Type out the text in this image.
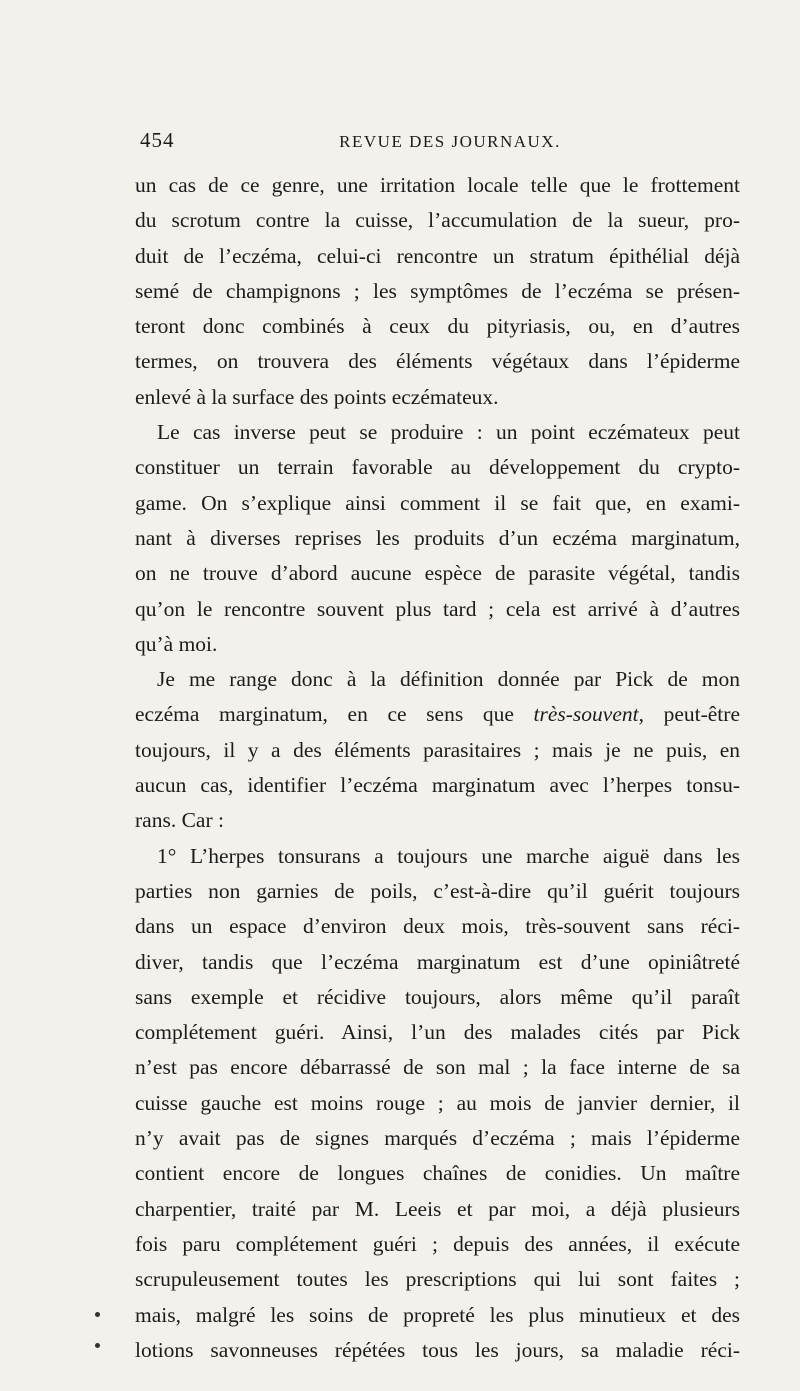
454	REVUE DES JOURNAUX.
un cas de ce genre, une irritation locale telle que le frottement
du scrotum contre la cuisse, l’accumulation de la sueur, pro-
duit de l’eczéma, celui-ci rencontre un stratum épithélial déjà
semé de champignons ; les symptômes de l’eczéma se présen-
teront donc combinés à ceux du pityriasis, ou, en d’autres
termes, on trouvera des éléments végétaux dans l’épiderme
enlevé à la surface des points eczémateux.
Le cas inverse peut se produire : un point eczémateux peut
constituer un terrain favorable au développement du crypto-
game. On s’explique ainsi comment il se fait que, en exami-
nant à diverses reprises les produits d’un eczéma marginatum,
on ne trouve d’abord aucune espèce de parasite végétal, tandis
qu’on le rencontre souvent plus tard ; cela est arrivé à d’autres
qu’à moi.
Je me range donc à la définition donnée par Pick de mon
eczéma marginatum, en ce sens que très-souvent, peut-être
toujours, il y a des éléments parasitaires ; mais je ne puis, en
aucun cas, identifier l’eczéma marginatum avec l’herpes tonsu-
rans. Car :
1° L’herpes tonsurans a toujours une marche aiguë dans les
parties non garnies de poils, c’est-à-dire qu’il guérit toujours
dans un espace d’environ deux mois, très-souvent sans réci-
diver, tandis que l’eczéma marginatum est d’une opiniâtreté
sans exemple et récidive toujours, alors même qu’il paraît
complétement guéri. Ainsi, l’un des malades cités par Pick
n’est pas encore débarrassé de son mal ; la face interne de sa
cuisse gauche est moins rouge ; au mois de janvier dernier, il
n’y avait pas de signes marqués d’eczéma ; mais l’épiderme
contient encore de longues chaînes de conidies. Un maître
charpentier, traité par M. Leeis et par moi, a déjà plusieurs
fois paru complétement guéri ; depuis des années, il exécute
scrupuleusement toutes les prescriptions qui lui sont faites ;
mais, malgré les soins de propreté les plus minutieux et des
lotions savonneuses répétées tous les jours, sa maladie réci-
